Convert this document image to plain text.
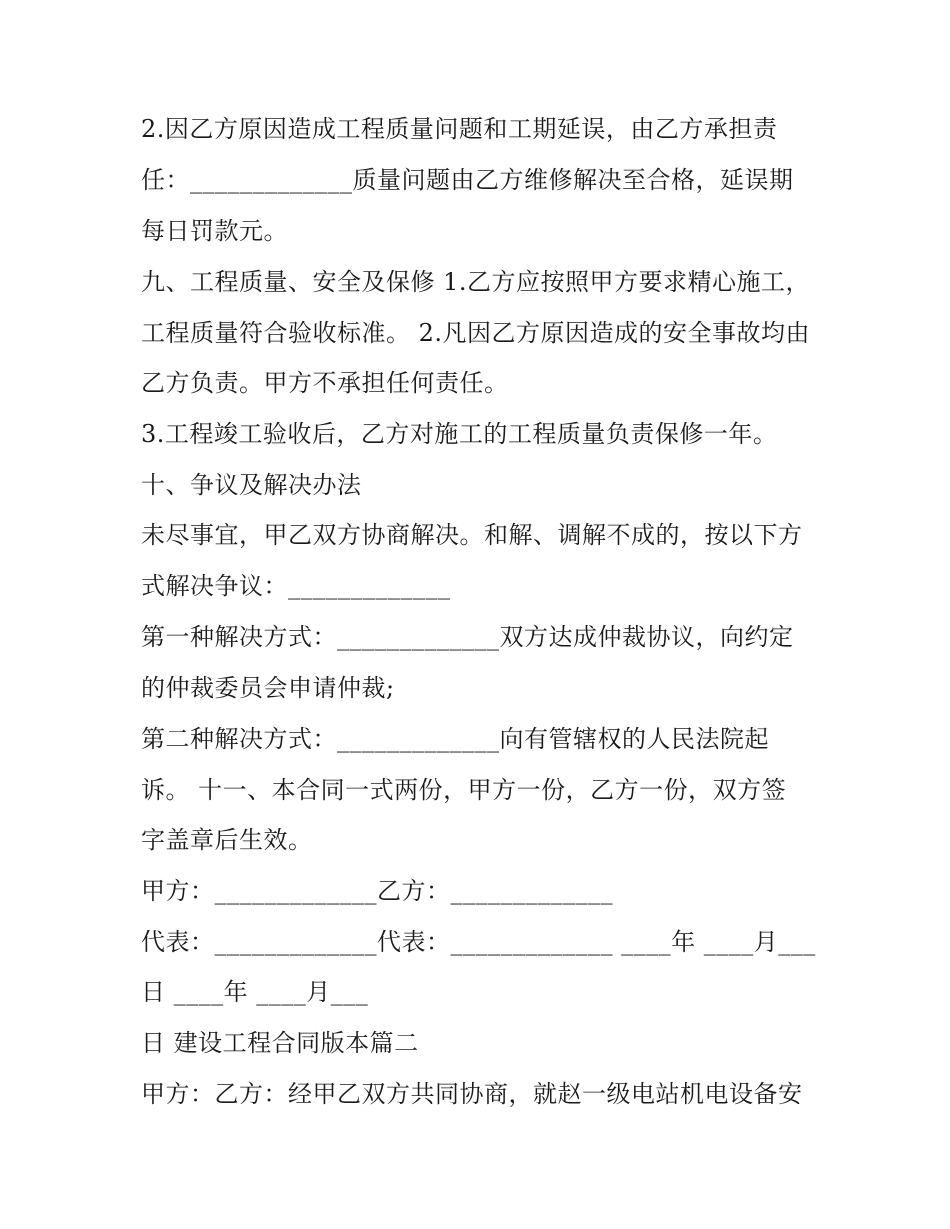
2.因乙方原因造成工程质量问题和工期延误，由乙方承担责
任：_____________质量问题由乙方维修解决至合格，延误期
每日罚款元。
九、工程质量、安全及保修 1.乙方应按照甲方要求精心施工，
工程质量符合验收标准。 2.凡因乙方原因造成的安全事故均由
乙方负责。甲方不承担任何责任。
3.工程竣工验收后，乙方对施工的工程质量负责保修一年。
十、争议及解决办法
未尽事宜，甲乙双方协商解决。和解、调解不成的，按以下方
式解决争议：_____________
第一种解决方式：_____________双方达成仲裁协议，向约定
的仲裁委员会申请仲裁;
第二种解决方式：_____________向有管辖权的人民法院起
诉。 十一、本合同一式两份，甲方一份，乙方一份，双方签
字盖章后生效。
甲方：_____________乙方：_____________
代表：_____________代表：_____________ ____年 ____月___
日 ____年 ____月___
日 建设工程合同版本篇二
甲方：乙方：经甲乙双方共同协商，就赵一级电站机电设备安
